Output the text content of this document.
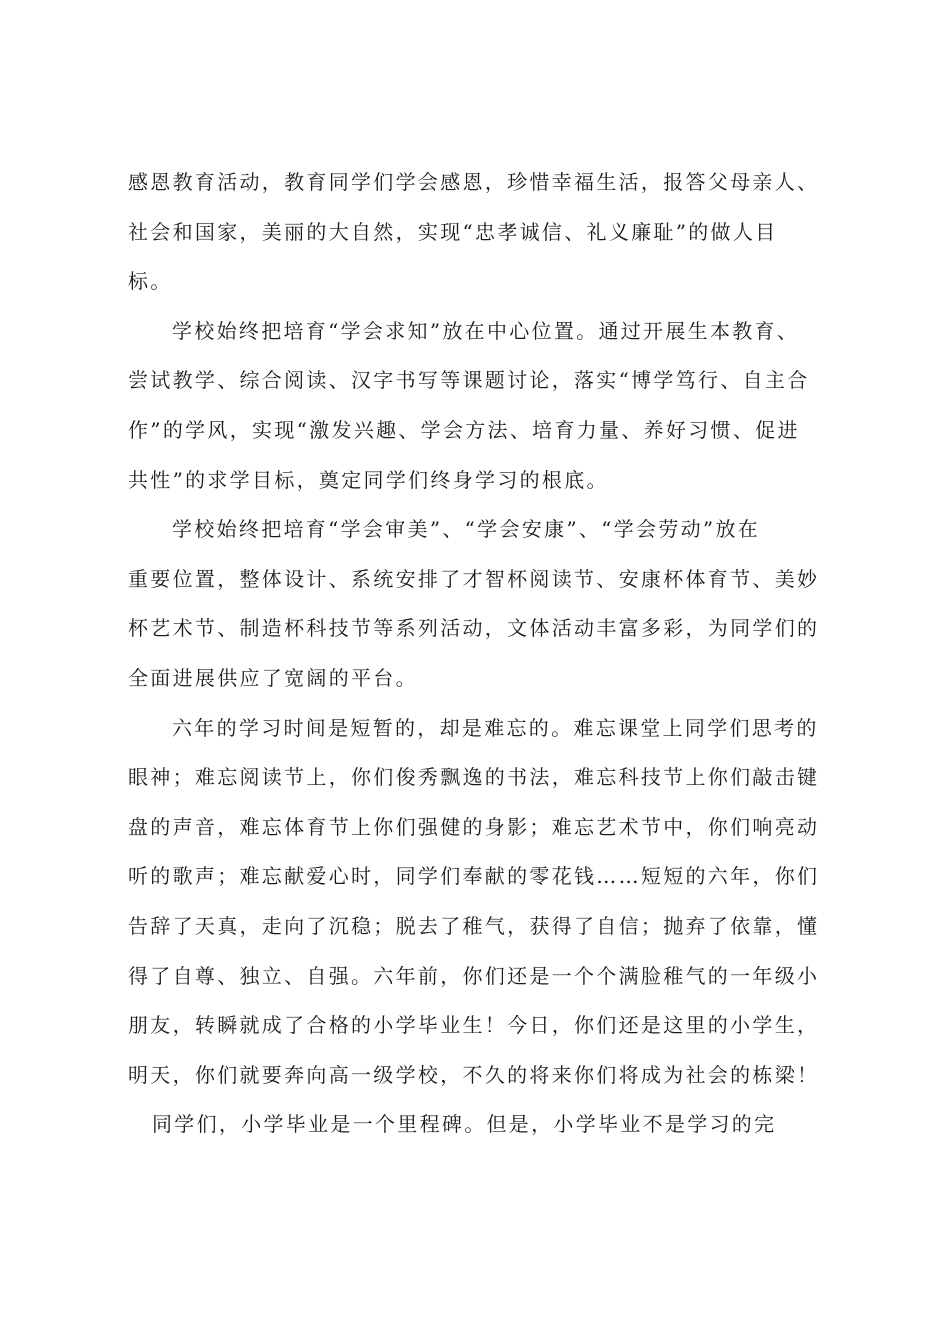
感恩教育活动，教育同学们学会感恩，珍惜幸福生活，报答父母亲人、
社会和国家，美丽的大自然，实现“忠孝诚信、礼义廉耻”的做人目
标。

学校始终把培育“学会求知”放在中心位置。通过开展生本教育、
尝试教学、综合阅读、汉字书写等课题讨论，落实“博学笃行、自主合
作”的学风，实现“激发兴趣、学会方法、培育力量、养好习惯、促进
共性”的求学目标，奠定同学们终身学习的根底。

学校始终把培育“学会审美”、“学会安康”、“学会劳动”放在
重要位置，整体设计、系统安排了才智杯阅读节、安康杯体育节、美妙
杯艺术节、制造杯科技节等系列活动，文体活动丰富多彩，为同学们的
全面进展供应了宽阔的平台。

六年的学习时间是短暂的，却是难忘的。难忘课堂上同学们思考的
眼神；难忘阅读节上，你们俊秀飘逸的书法，难忘科技节上你们敲击键
盘的声音，难忘体育节上你们强健的身影；难忘艺术节中，你们响亮动
听的歌声；难忘献爱心时，同学们奉献的零花钱……短短的六年，你们
告辞了天真，走向了沉稳；脱去了稚气，获得了自信；抛弃了依靠，懂
得了自尊、独立、自强。六年前，你们还是一个个满脸稚气的一年级小
朋友，转瞬就成了合格的小学毕业生！今日，你们还是这里的小学生，
明天，你们就要奔向高一级学校，不久的将来你们将成为社会的栋梁！

同学们，小学毕业是一个里程碑。但是，小学毕业不是学习的完
